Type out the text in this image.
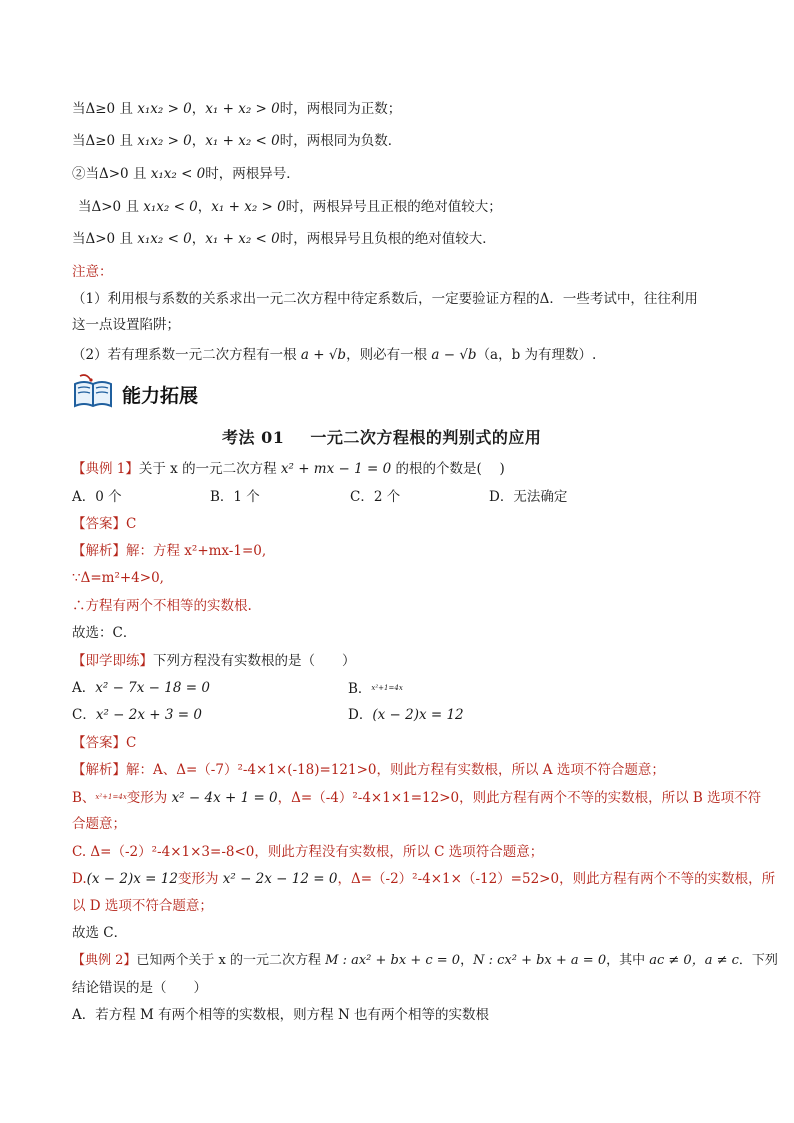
当Δ≥0 且 x₁x₂ > 0，x₁ + x₂ > 0时，两根同为正数；
当Δ≥0 且 x₁x₂ > 0，x₁ + x₂ < 0时，两根同为负数．
②当Δ>0 且 x₁x₂ < 0时，两根异号．
当Δ>0 且 x₁x₂ < 0，x₁ + x₂ > 0时，两根异号且正根的绝对值较大；
当Δ>0 且 x₁x₂ < 0，x₁ + x₂ < 0时，两根异号且负根的绝对值较大．
注意：
（1）利用根与系数的关系求出一元二次方程中待定系数后，一定要验证方程的Δ．一些考试中，往往利用
这一点设置陷阱；
（2）若有理系数一元二次方程有一根 a + √b，则必有一根 a − √b（a，b 为有理数）.
能力拓展
考法 01 一元二次方程根的判别式的应用
【典例 1】关于 x 的一元二次方程 x² + mx − 1 = 0 的根的个数是(　 )
A．0 个	B．1 个	C．2 个	D．无法确定
【答案】C
【解析】解：方程 x²+mx-1=0,
∵Δ=m²+4>0,
∴方程有两个不相等的实数根.
故选：C．
【即学即练】下列方程没有实数根的是（　　）
A．x² − 7x − 18 = 0	B．$^{x^2+1=4x}$
C．x² − 2x + 3 = 0	D．(x − 2)x = 12
【答案】C
【解析】解：A、Δ=（-7）²-4×1×(-18)=121>0，则此方程有实数根，所以 A 选项不符合题意；
B、$^{x^2+1=4x}$变形为 x² − 4x + 1 = 0，Δ=（-4）²-4×1×1=12>0，则此方程有两个不等的实数根，所以 B 选项不符
合题意；
C. Δ=（-2）²-4×1×3=-8<0，则此方程没有实数根，所以 C 选项符合题意；
D.(x − 2)x = 12变形为 x² − 2x − 12 = 0，Δ=（-2）²-4×1×（-12）=52>0，则此方程有两个不等的实数根，所
以 D 选项不符合题意；
故选 C．
【典例 2】已知两个关于 x 的一元二次方程 M : ax² + bx + c = 0，N : cx² + bx + a = 0，其中 ac ≠ 0，a ≠ c．下列
结论错误的是（　　）
A．若方程 M 有两个相等的实数根，则方程 N 也有两个相等的实数根
